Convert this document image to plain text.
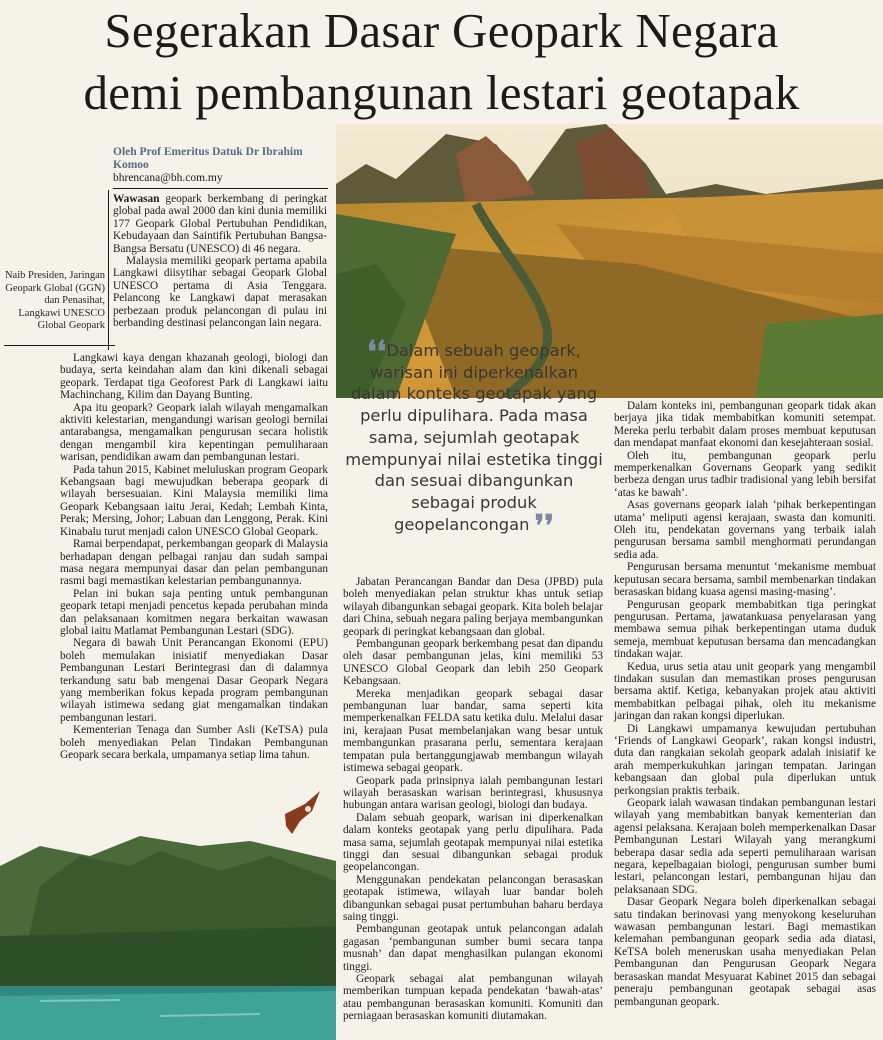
Segerakan Dasar Geopark Negara
demi pembangunan lestari geotapak
Oleh Prof Emeritus Datuk Dr Ibrahim Komoo
bhrencana@bh.com.my
Naib Presiden, Jaringan Geopark Global (GGN) dan Penasihat, Langkawi UNESCO Global Geopark

Wawasan geopark berkembang di peringkat global pada awal 2000 dan kini dunia memiliki 177 Geopark Global Pertubuhan Pendidikan, Kebudayaan dan Saintifik Pertubuhan Bangsa-Bangsa Bersatu (UNESCO) di 46 negara.

Malaysia memiliki geopark pertama apabila Langkawi diisytihar sebagai Geopark Global UNESCO pertama di Asia Tenggara. Pelancong ke Langkawi dapat merasakan perbezaan produk pelancongan di pulau ini berbanding destinasi pelancongan lain negara.

Langkawi kaya dengan khazanah geologi, biologi dan budaya, serta keindahan alam dan kini dikenali sebagai geopark. Terdapat tiga Geoforest Park di Langkawi iaitu Machinchang, Kilim dan Dayang Bunting.

Apa itu geopark? Geopark ialah wilayah mengamalkan aktiviti kelestarian, mengandungi warisan geologi bernilai antarabangsa, mengamalkan pengurusan secara holistik dengan mengambil kira kepentingan pemuliharaan warisan, pendidikan awam dan pembangunan lestari.

Pada tahun 2015, Kabinet meluluskan program Geopark Kebangsaan bagi mewujudkan beberapa geopark di wilayah bersesuaian. Kini Malaysia memiliki lima Geopark Kebangsaan iaitu Jerai, Kedah; Lembah Kinta, Perak; Mersing, Johor; Labuan dan Lenggong, Perak. Kini Kinabalu turut menjadi calon UNESCO Global Geopark.

Ramai berpendapat, perkembangan geopark di Malaysia berhadapan dengan pelbagai ranjau dan sudah sampai masa negara mempunyai dasar dan pelan pembangunan rasmi bagi memastikan kelestarian pembangunannya.

Pelan ini bukan saja penting untuk pembangunan geopark tetapi menjadi pencetus kepada perubahan minda dan pelaksanaan komitmen negara berkaitan wawasan global iaitu Matlamat Pembangunan Lestari (SDG).

Negara di bawah Unit Perancangan Ekonomi (EPU) boleh memulakan inisiatif menyediakan Dasar Pembangunan Lestari Berintegrasi dan di dalamnya terkandung satu bab mengenai Dasar Geopark Negara yang memberikan fokus kepada program pembangunan wilayah istimewa sedang giat mengamalkan tindakan pembangunan lestari.

Kementerian Tenaga dan Sumber Asli (KeTSA) pula boleh menyediakan Pelan Tindakan Pembangunan Geopark secara berkala, umpamanya setiap lima tahun.

❛❛Dalam sebuah geopark, warisan ini diperkenalkan dalam konteks geotapak yang perlu dipulihara. Pada masa sama, sejumlah geotapak mempunyai nilai estetika tinggi dan sesuai dibangunkan sebagai produk geopelancongan ❜❜

Jabatan Perancangan Bandar dan Desa (JPBD) pula boleh menyediakan pelan struktur khas untuk setiap wilayah dibangunkan sebagai geopark. Kita boleh belajar dari China, sebuah negara paling berjaya membangunkan geopark di peringkat kebangsaan dan global.

Pembangunan geopark berkembang pesat dan dipandu oleh dasar pembangunan jelas, kini memiliki 53 UNESCO Global Geopark dan lebih 250 Geopark Kebangsaan.

Mereka menjadikan geopark sebagai dasar pembangunan luar bandar, sama seperti kita memperkenalkan FELDA satu ketika dulu. Melalui dasar ini, kerajaan Pusat membelanjakan wang besar untuk membangunkan prasarana perlu, sementara kerajaan tempatan pula bertanggungjawab membangun wilayah istimewa sebagai geopark.

Geopark pada prinsipnya ialah pembangunan lestari wilayah berasaskan warisan berintegrasi, khususnya hubungan antara warisan geologi, biologi dan budaya.

Dalam sebuah geopark, warisan ini diperkenalkan dalam konteks geotapak yang perlu dipulihara. Pada masa sama, sejumlah geotapak mempunyai nilai estetika tinggi dan sesuai dibangunkan sebagai produk geopelancongan.

Menggunakan pendekatan pelancongan berasaskan geotapak istimewa, wilayah luar bandar boleh dibangunkan sebagai pusat pertumbuhan baharu berdaya saing tinggi.

Pembangunan geotapak untuk pelancongan adalah gagasan ‘pembangunan sumber bumi secara tanpa musnah’ dan dapat menghasilkan pulangan ekonomi tinggi.

Geopark sebagai alat pembangunan wilayah memberikan tumpuan kepada pendekatan ‘bawah-atas’ atau pembangunan berasaskan komuniti. Komuniti dan perniagaan berasaskan komuniti diutamakan.

Dalam konteks ini, pembangunan geopark tidak akan berjaya jika tidak membabitkan komuniti setempat. Mereka perlu terbabit dalam proses membuat keputusan dan mendapat manfaat ekonomi dan kesejahteraan sosial.

Oleh itu, pembangunan geopark perlu memperkenalkan Governans Geopark yang sedikit berbeza dengan urus tadbir tradisional yang lebih bersifat ‘atas ke bawah’.

Asas governans geopark ialah ‘pihak berkepentingan utama’ meliputi agensi kerajaan, swasta dan komuniti. Oleh itu, pendekatan governans yang terbaik ialah pengurusan bersama sambil menghormati perundangan sedia ada.

Pengurusan bersama menuntut ‘mekanisme membuat keputusan secara bersama, sambil membenarkan tindakan berasaskan bidang kuasa agensi masing-masing’.

Pengurusan geopark membabitkan tiga peringkat pengurusan. Pertama, jawatankuasa penyelarasan yang membawa semua pihak berkepentingan utama duduk semeja, membuat keputusan bersama dan mencadangkan tindakan wajar.

Kedua, urus setia atau unit geopark yang mengambil tindakan susulan dan memastikan proses pengurusan bersama aktif. Ketiga, kebanyakan projek atau aktiviti membabitkan pelbagai pihak, oleh itu mekanisme jaringan dan rakan kongsi diperlukan.

Di Langkawi umpamanya kewujudan pertubuhan ‘Friends of Langkawi Geopark’, rakan kongsi industri, duta dan rangkaian sekolah geopark adalah inisiatif ke arah memperkukuhkan jaringan tempatan. Jaringan kebangsaan dan global pula diperlukan untuk perkongsian praktis terbaik.

Geopark ialah wawasan tindakan pembangunan lestari wilayah yang membabitkan banyak kementerian dan agensi pelaksana. Kerajaan boleh memperkenalkan Dasar Pembangunan Lestari Wilayah yang merangkumi beberapa dasar sedia ada seperti pemuliharaan warisan negara, kepelbagaian biologi, pengurusan sumber bumi lestari, pelancongan lestari, pembangunan hijau dan pelaksanaan SDG.

Dasar Geopark Negara boleh diperkenalkan sebagai satu tindakan berinovasi yang menyokong keseluruhan wawasan pembangunan lestari. Bagi memastikan kelemahan pembangunan geopark sedia ada diatasi, KeTSA boleh meneruskan usaha menyediakan Pelan Pembangunan dan Pengurusan Geopark Negara berasaskan mandat Mesyuarat Kabinet 2015 dan sebagai peneraju pembangunan geotapak sebagai asas pembangunan geopark.
